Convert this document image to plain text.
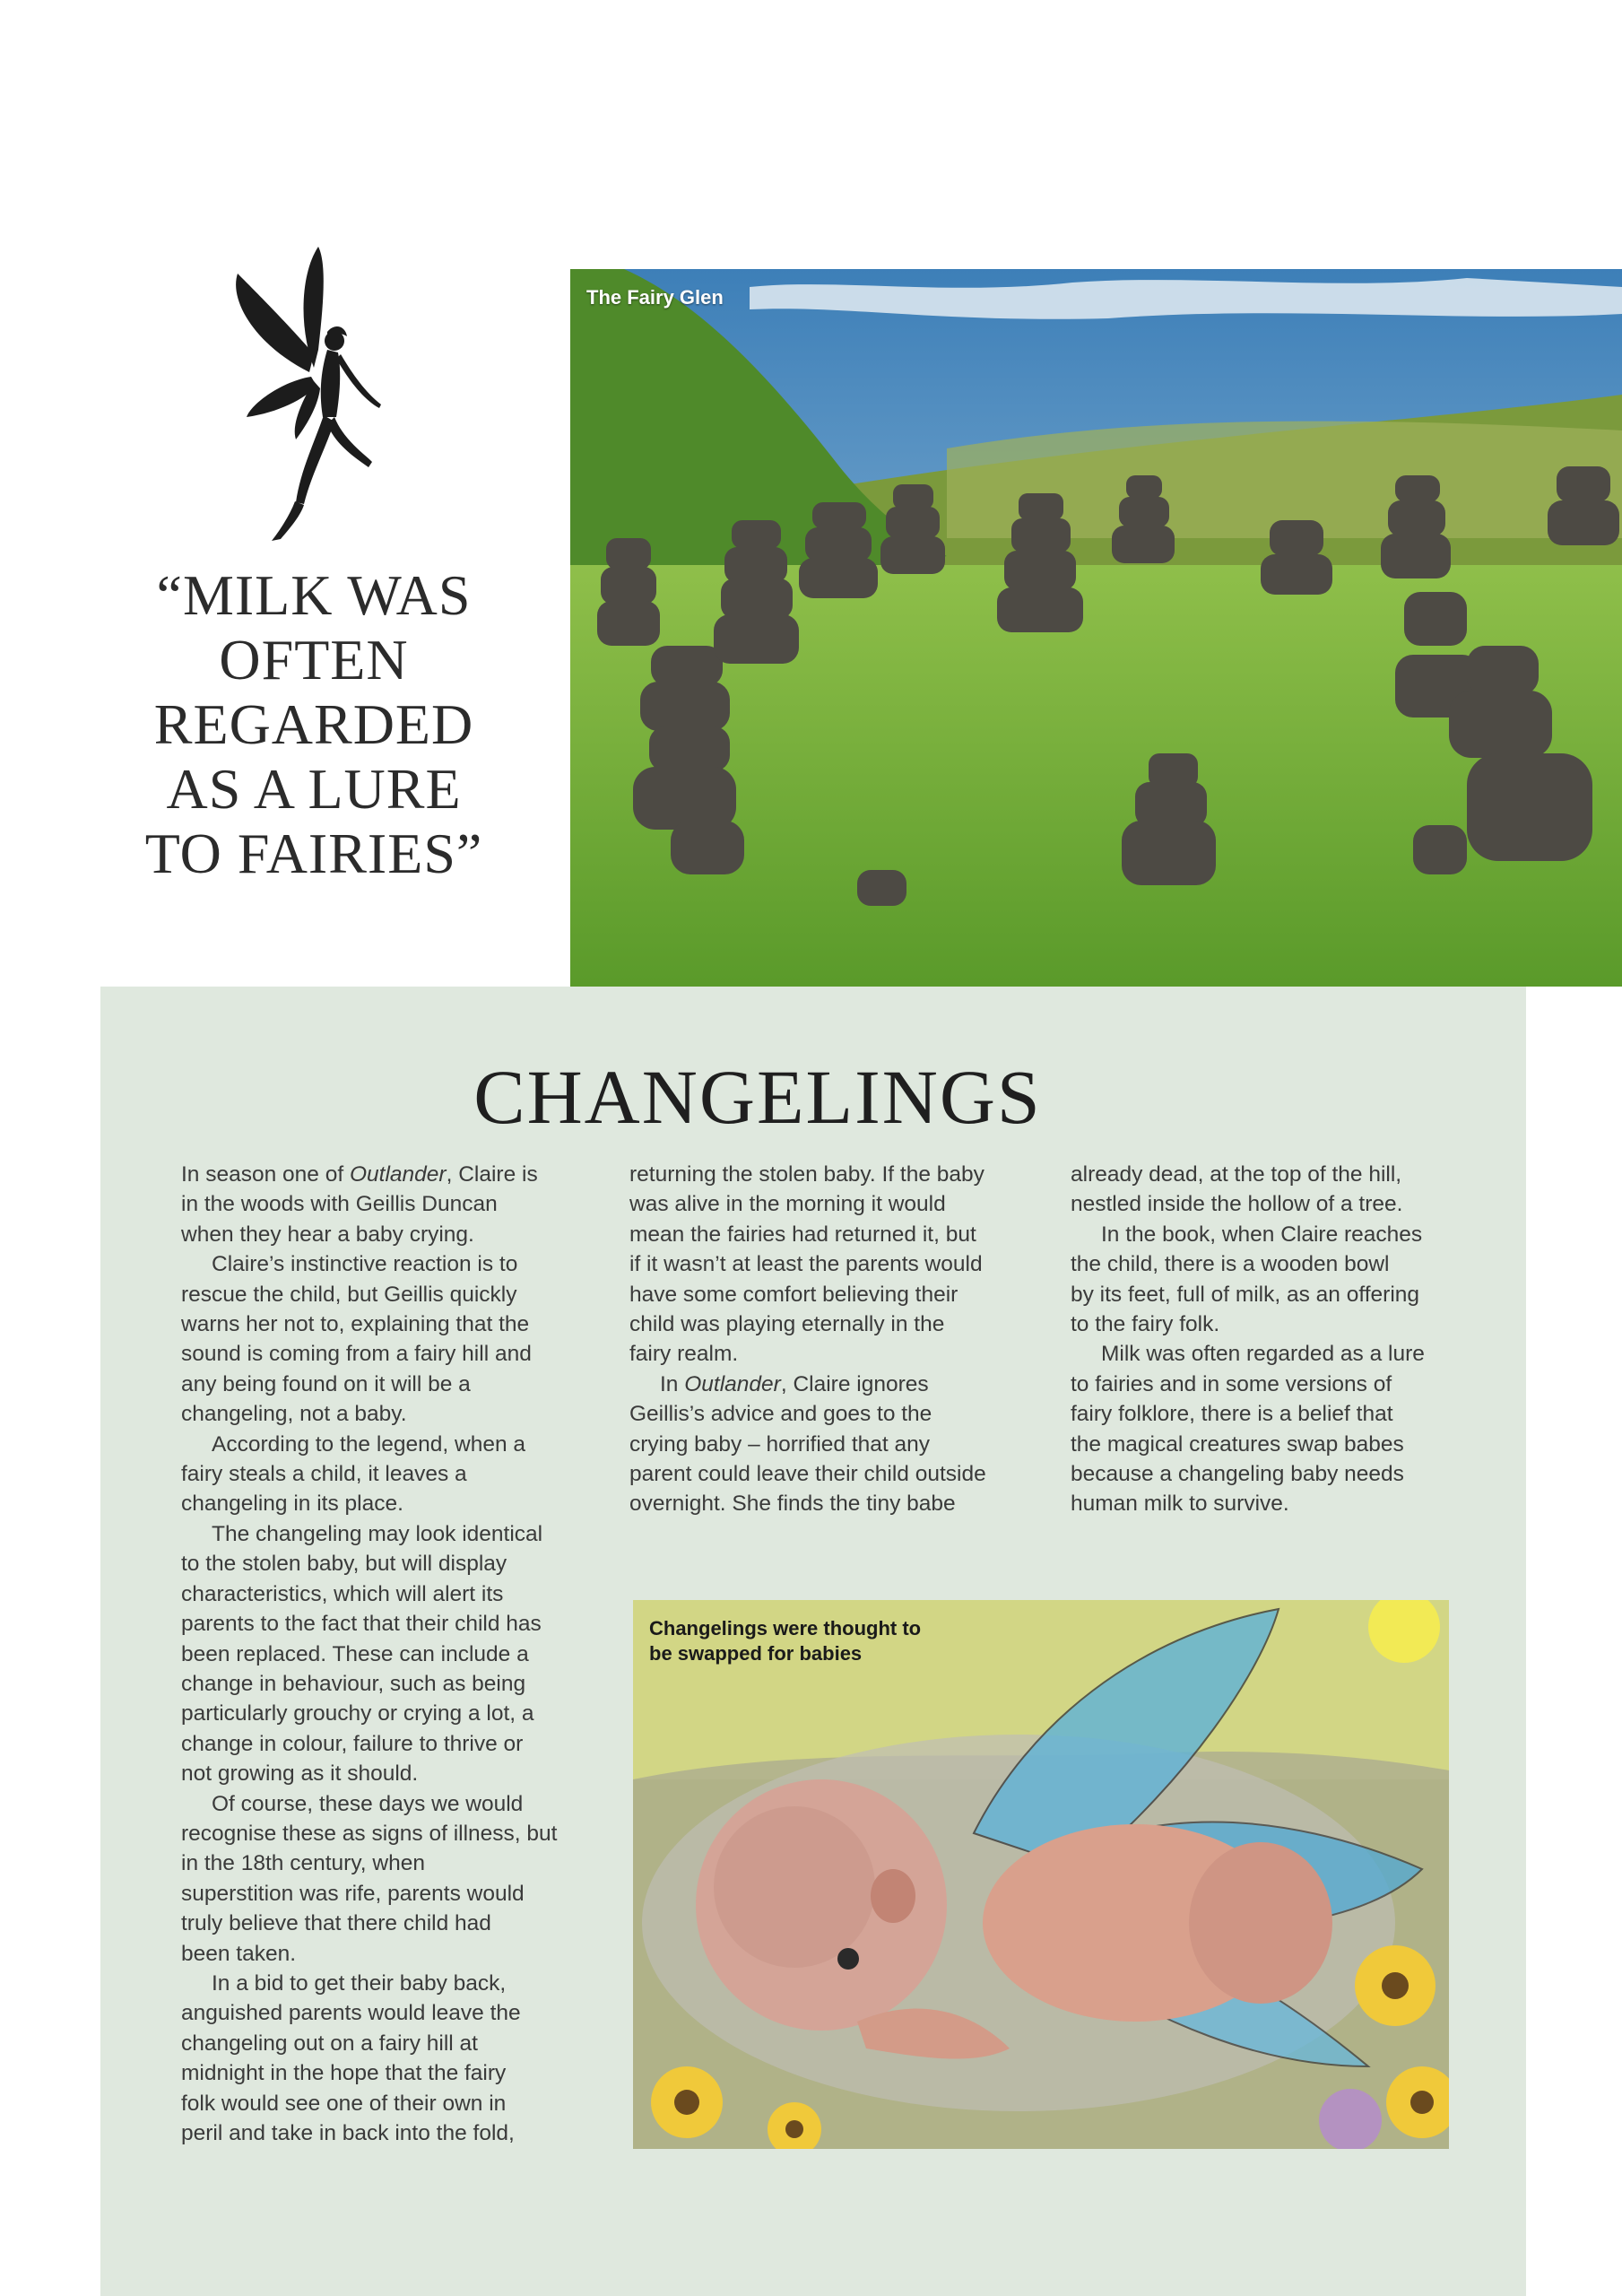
“MILK WAS
OFTEN
REGARDED
AS A LURE
TO FAIRIES”
The Fairy Glen
CHANGELINGS

In season one of Outlander, Claire is
in the woods with Geillis Duncan
when they hear a baby crying.

Claire’s instinctive reaction is to
rescue the child, but Geillis quickly
warns her not to, explaining that the
sound is coming from a fairy hill and
any being found on it will be a
changeling, not a baby.

According to the legend, when a
fairy steals a child, it leaves a
changeling in its place.

The changeling may look identical
to the stolen baby, but will display
characteristics, which will alert its
parents to the fact that their child has
been replaced. These can include a
change in behaviour, such as being
particularly grouchy or crying a lot, a
change in colour, failure to thrive or
not growing as it should.

Of course, these days we would
recognise these as signs of illness, but
in the 18th century, when
superstition was rife, parents would
truly believe that there child had
been taken.

In a bid to get their baby back,
anguished parents would leave the
changeling out on a fairy hill at
midnight in the hope that the fairy
folk would see one of their own in
peril and take in back into the fold,

returning the stolen baby. If the baby
was alive in the morning it would
mean the fairies had returned it, but
if it wasn’t at least the parents would
have some comfort believing their
child was playing eternally in the
fairy realm.

In Outlander, Claire ignores
Geillis’s advice and goes to the
crying baby – horrified that any
parent could leave their child outside
overnight. She finds the tiny babe

already dead, at the top of the hill,
nestled inside the hollow of a tree.

In the book, when Claire reaches
the child, there is a wooden bowl
by its feet, full of milk, as an offering
to the fairy folk.

Milk was often regarded as a lure
to fairies and in some versions of
fairy folklore, there is a belief that
the magical creatures swap babes
because a changeling baby needs
human milk to survive.

Changelings were thought to be swapped for babies
